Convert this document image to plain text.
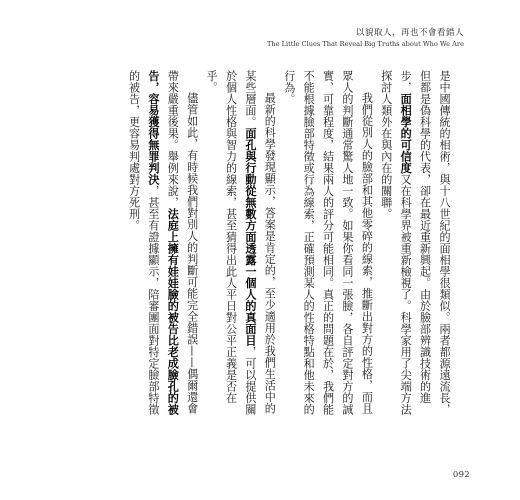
以貌取人，再也不會看錯人
The Little Clues That Reveal Big Truths about Who We Are

是中國傳統的相術，與十八世紀的面相學很類似。兩者都源遠流長，但都是偽科學的代表，卻在最近重新興起。由於臉部辨識技術的進步，面相學的可信度又在科學界被重新檢視了。科學家用了尖端方法探討人類外在與內在的關聯。

我們從別人的臉部和其他零碎的線索，推斷出對方的性格，而且眾人的判斷通常驚人地一致。如果你看同一張臉，各自評定對方的誠實、可靠程度，結果兩人的評分可能相同。真正的問題在於，我們能不能根據臉部特徵或行為線索，正確預測某人的性格特點和他未來的行為。

最新的科學發現顯示，答案是肯定的，至少適用於我們生活中的某些層面。面孔與行動從無數方面透露一個人的真面目，可以提供關於個人性格與智力的線索，甚至猜得出此人平日對公平正義是否在乎。

儘管如此，有時候我們對別人的判斷可能完全錯誤——偶爾還會帶來嚴重後果。舉例來說，法庭上擁有娃娃臉的被告比老成臉孔的被告，容易獲得無罪判決，甚至有證據顯示，陪審團面對特定臉部特徵的被告，更容易判處對方死刑。

092
